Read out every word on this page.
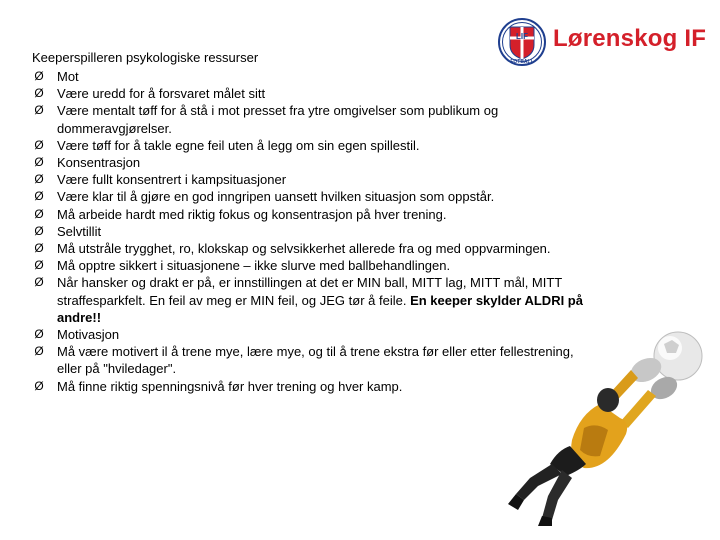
LIF
FOTBALL
Lørenskog IF

Keeperspilleren psykologiske ressurser

Ø Mot
Ø Være uredd for å forsvaret målet sitt
Ø Være mentalt tøff for å stå i mot presset fra ytre omgivelser som publikum og
dommeravgjørelser.
Ø Være tøff for å takle egne feil uten å legg om sin egen spillestil.
Ø Konsentrasjon
Ø Være fullt konsentrert i kampsituasjoner
Ø Være klar til å gjøre en god inngripen uansett hvilken situasjon som oppstår.
Ø Må arbeide hardt med riktig fokus og konsentrasjon på hver trening.
Ø Selvtillit
Ø Må utstråle trygghet, ro, klokskap og selvsikkerhet allerede fra og med oppvarmingen.
Ø Må opptre sikkert i situasjonene – ikke slurve med ballbehandlingen.
Ø Når hansker og drakt er på, er innstillingen at det er MIN ball, MITT lag, MITT mål, MITT
straffesparkfelt. En feil av meg er MIN feil, og JEG tør å feile. En keeper skylder ALDRI på
andre!!
Ø Motivasjon
Ø Må være motivert il å trene mye, lære mye, og til å trene ekstra før eller etter fellestrening,
eller på "hviledager".
Ø Må finne riktig spenningsnivå før hver trening og hver kamp.
